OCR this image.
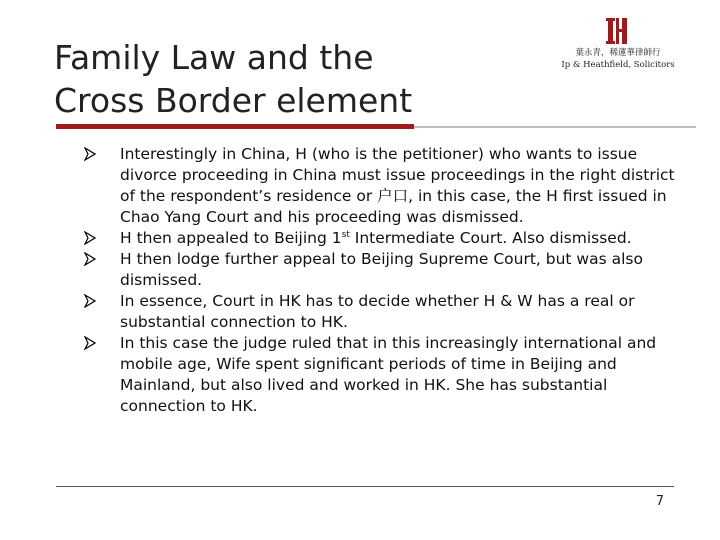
Family Law and the
Cross Border element
葉永青，稀蓮華律師行
Ip & Heathfield, Solicitors
Interestingly in China, H (who is the petitioner) who wants to issue divorce proceeding in China must issue proceedings in the right district of the respondent’s residence or 户口, in this case, the H first issued in Chao Yang Court and his proceeding was dismissed.
H then appealed to Beijing 1st Intermediate Court. Also dismissed.
H then lodge further appeal to Beijing Supreme Court, but was also dismissed.
In essence, Court in HK has to decide whether H & W has a real or substantial connection to HK.
In this case the judge ruled that in this increasingly international and mobile age, Wife spent significant periods of time in Beijing and Mainland, but also lived and worked in HK. She has substantial connection to HK.
7
